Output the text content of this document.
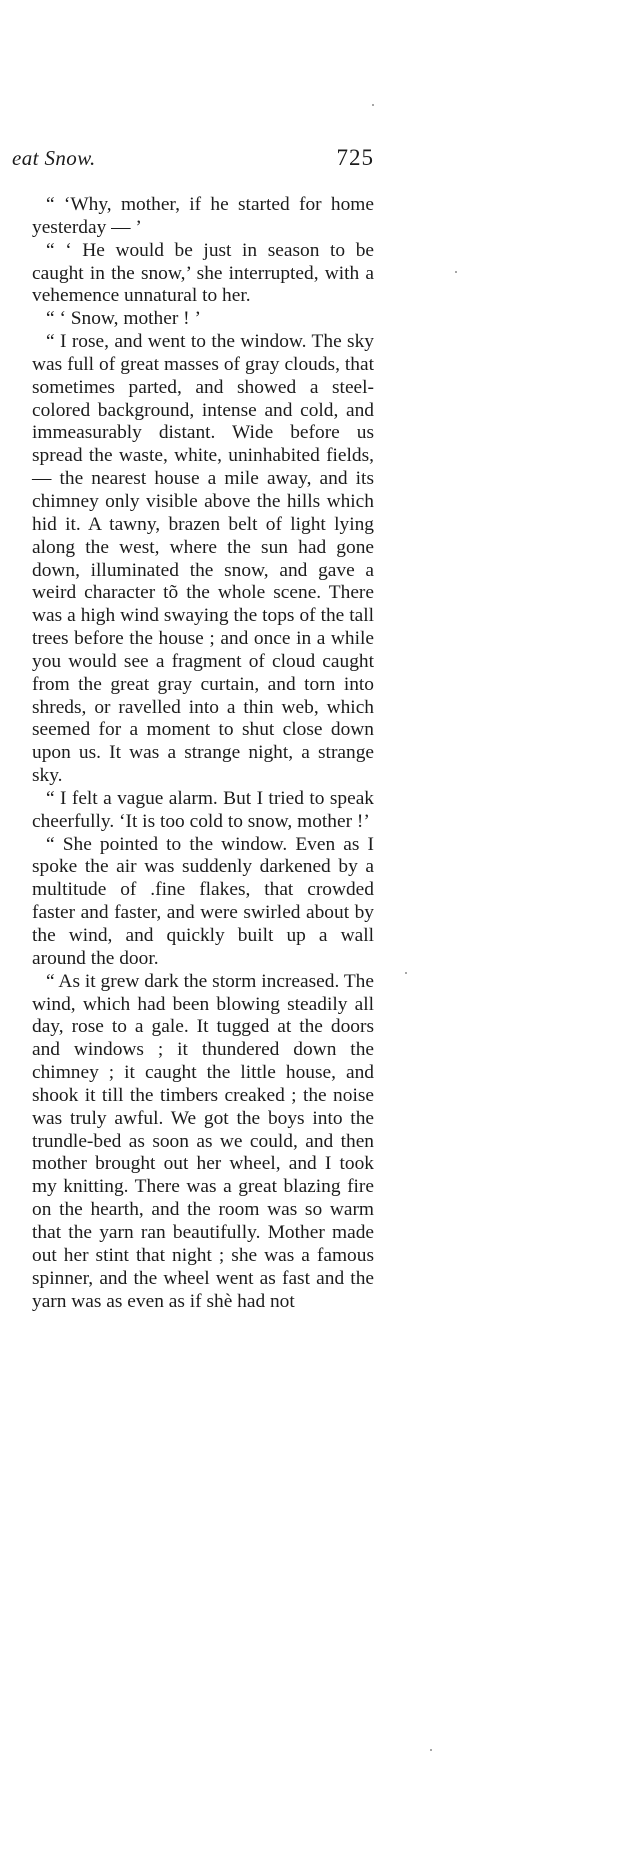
eat Snow.	725

“ ‘Why, mother, if he started for home yesterday — ’

“ ‘ He would be just in season to be caught in the snow,’ she interrupted, with a vehemence unnatural to her.

“ ‘ Snow, mother ! ’

“ I rose, and went to the window. The sky was full of great masses of gray clouds, that sometimes parted, and showed a steel-colored background, intense and cold, and immeasurably distant. Wide before us spread the waste, white, uninhabited fields, — the nearest house a mile away, and its chimney only visible above the hills which hid it. A tawny, brazen belt of light lying along the west, where the sun had gone down, illuminated the snow, and gave a weird character tõ the whole scene. There was a high wind swaying the tops of the tall trees before the house ; and once in a while you would see a fragment of cloud caught from the great gray curtain, and torn into shreds, or ravelled into a thin web, which seemed for a moment to shut close down upon us. It was a strange night, a strange sky.

“ I felt a vague alarm. But I tried to speak cheerfully. ‘It is too cold to snow, mother !’

“ She pointed to the window. Even as I spoke the air was suddenly darkened by a multitude of .fine flakes, that crowded faster and faster, and were swirled about by the wind, and quickly built up a wall around the door.

“ As it grew dark the storm increased. The wind, which had been blowing steadily all day, rose to a gale. It tugged at the doors and windows ; it thundered down the chimney ; it caught the little house, and shook it till the timbers creaked ; the noise was truly awful. We got the boys into the trundle-bed as soon as we could, and then mother brought out her wheel, and I took my knitting. There was a great blazing fire on the hearth, and the room was so warm that the yarn ran beautifully. Mother made out her stint that night ; she was a famous spinner, and the wheel went as fast and the yarn was as even as if shè had not
